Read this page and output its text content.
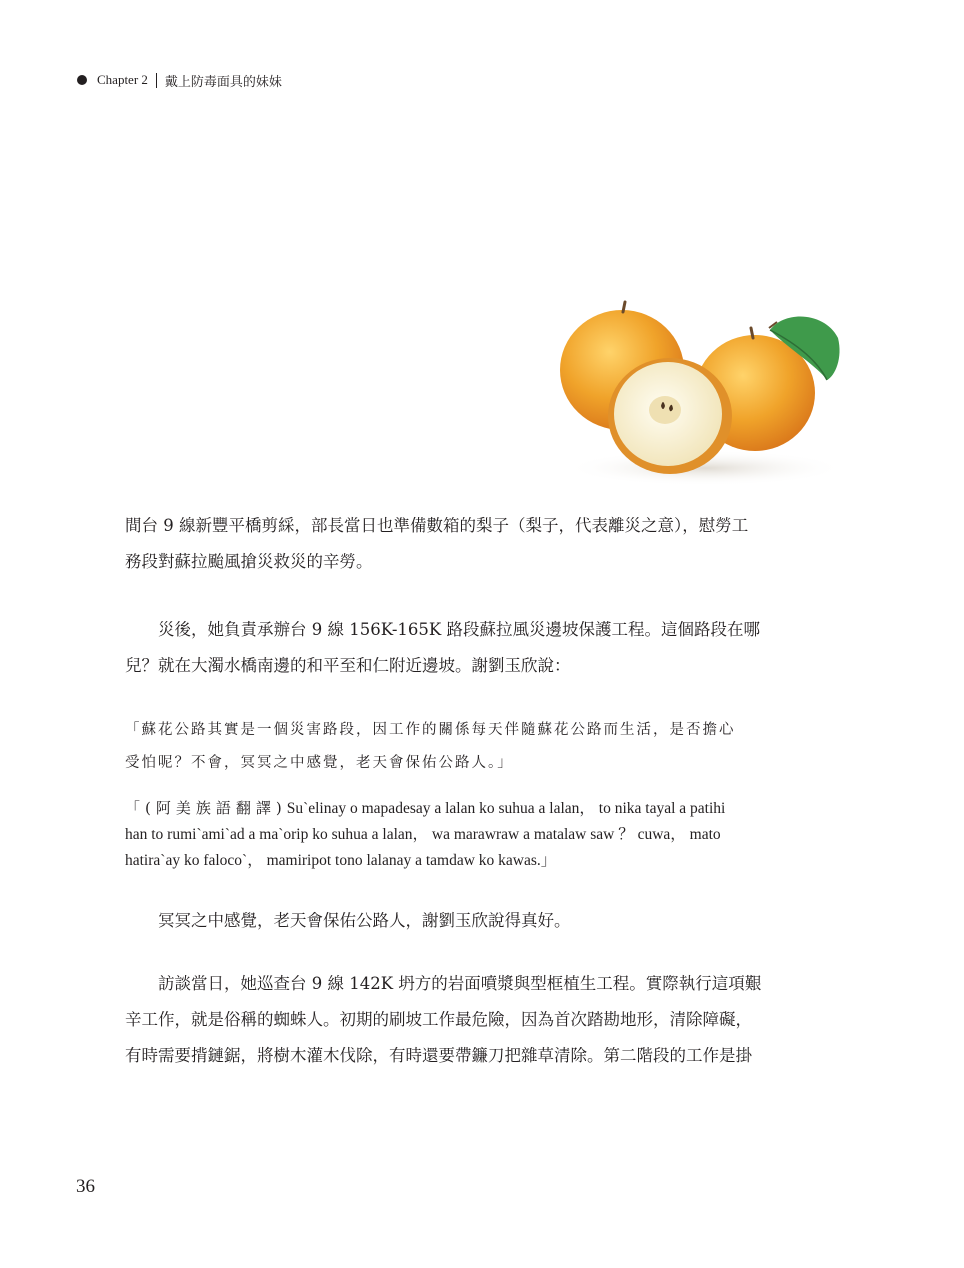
Chapter 2 戴上防毒面具的妹妹

間台 9 線新豐平橋剪綵，部長當日也準備數箱的梨子（梨子，代表離災之意），慰勞工
務段對蘇拉颱風搶災救災的辛勞。

災後，她負責承辦台 9 線 156K-165K 路段蘇拉風災邊坡保護工程。這個路段在哪
兒？就在大濁水橋南邊的和平至和仁附近邊坡。謝劉玉欣說：

「蘇花公路其實是一個災害路段，因工作的關係每天伴隨蘇花公路而生活，是否擔心
受怕呢？不會，冥冥之中感覺，老天會保佑公路人。」

「(阿美族語翻譯)Su`elinay o mapadesay a lalan ko suhua a lalan， to nika tayal a patihi
han to rumi`ami`ad a ma`orip ko suhua a lalan， wa marawraw a matalaw saw ？ cuwa， mato
hatira`ay ko faloco`， mamiripot tono lalanay a tamdaw ko kawas.」

冥冥之中感覺，老天會保佑公路人，謝劉玉欣說得真好。

訪談當日，她巡查台 9 線 142K 坍方的岩面噴漿與型框植生工程。實際執行這項艱
辛工作，就是俗稱的蜘蛛人。初期的刷坡工作最危險，因為首次踏勘地形，清除障礙，
有時需要揹鏈鋸，將樹木灌木伐除，有時還要帶鐮刀把雜草清除。第二階段的工作是掛

36
